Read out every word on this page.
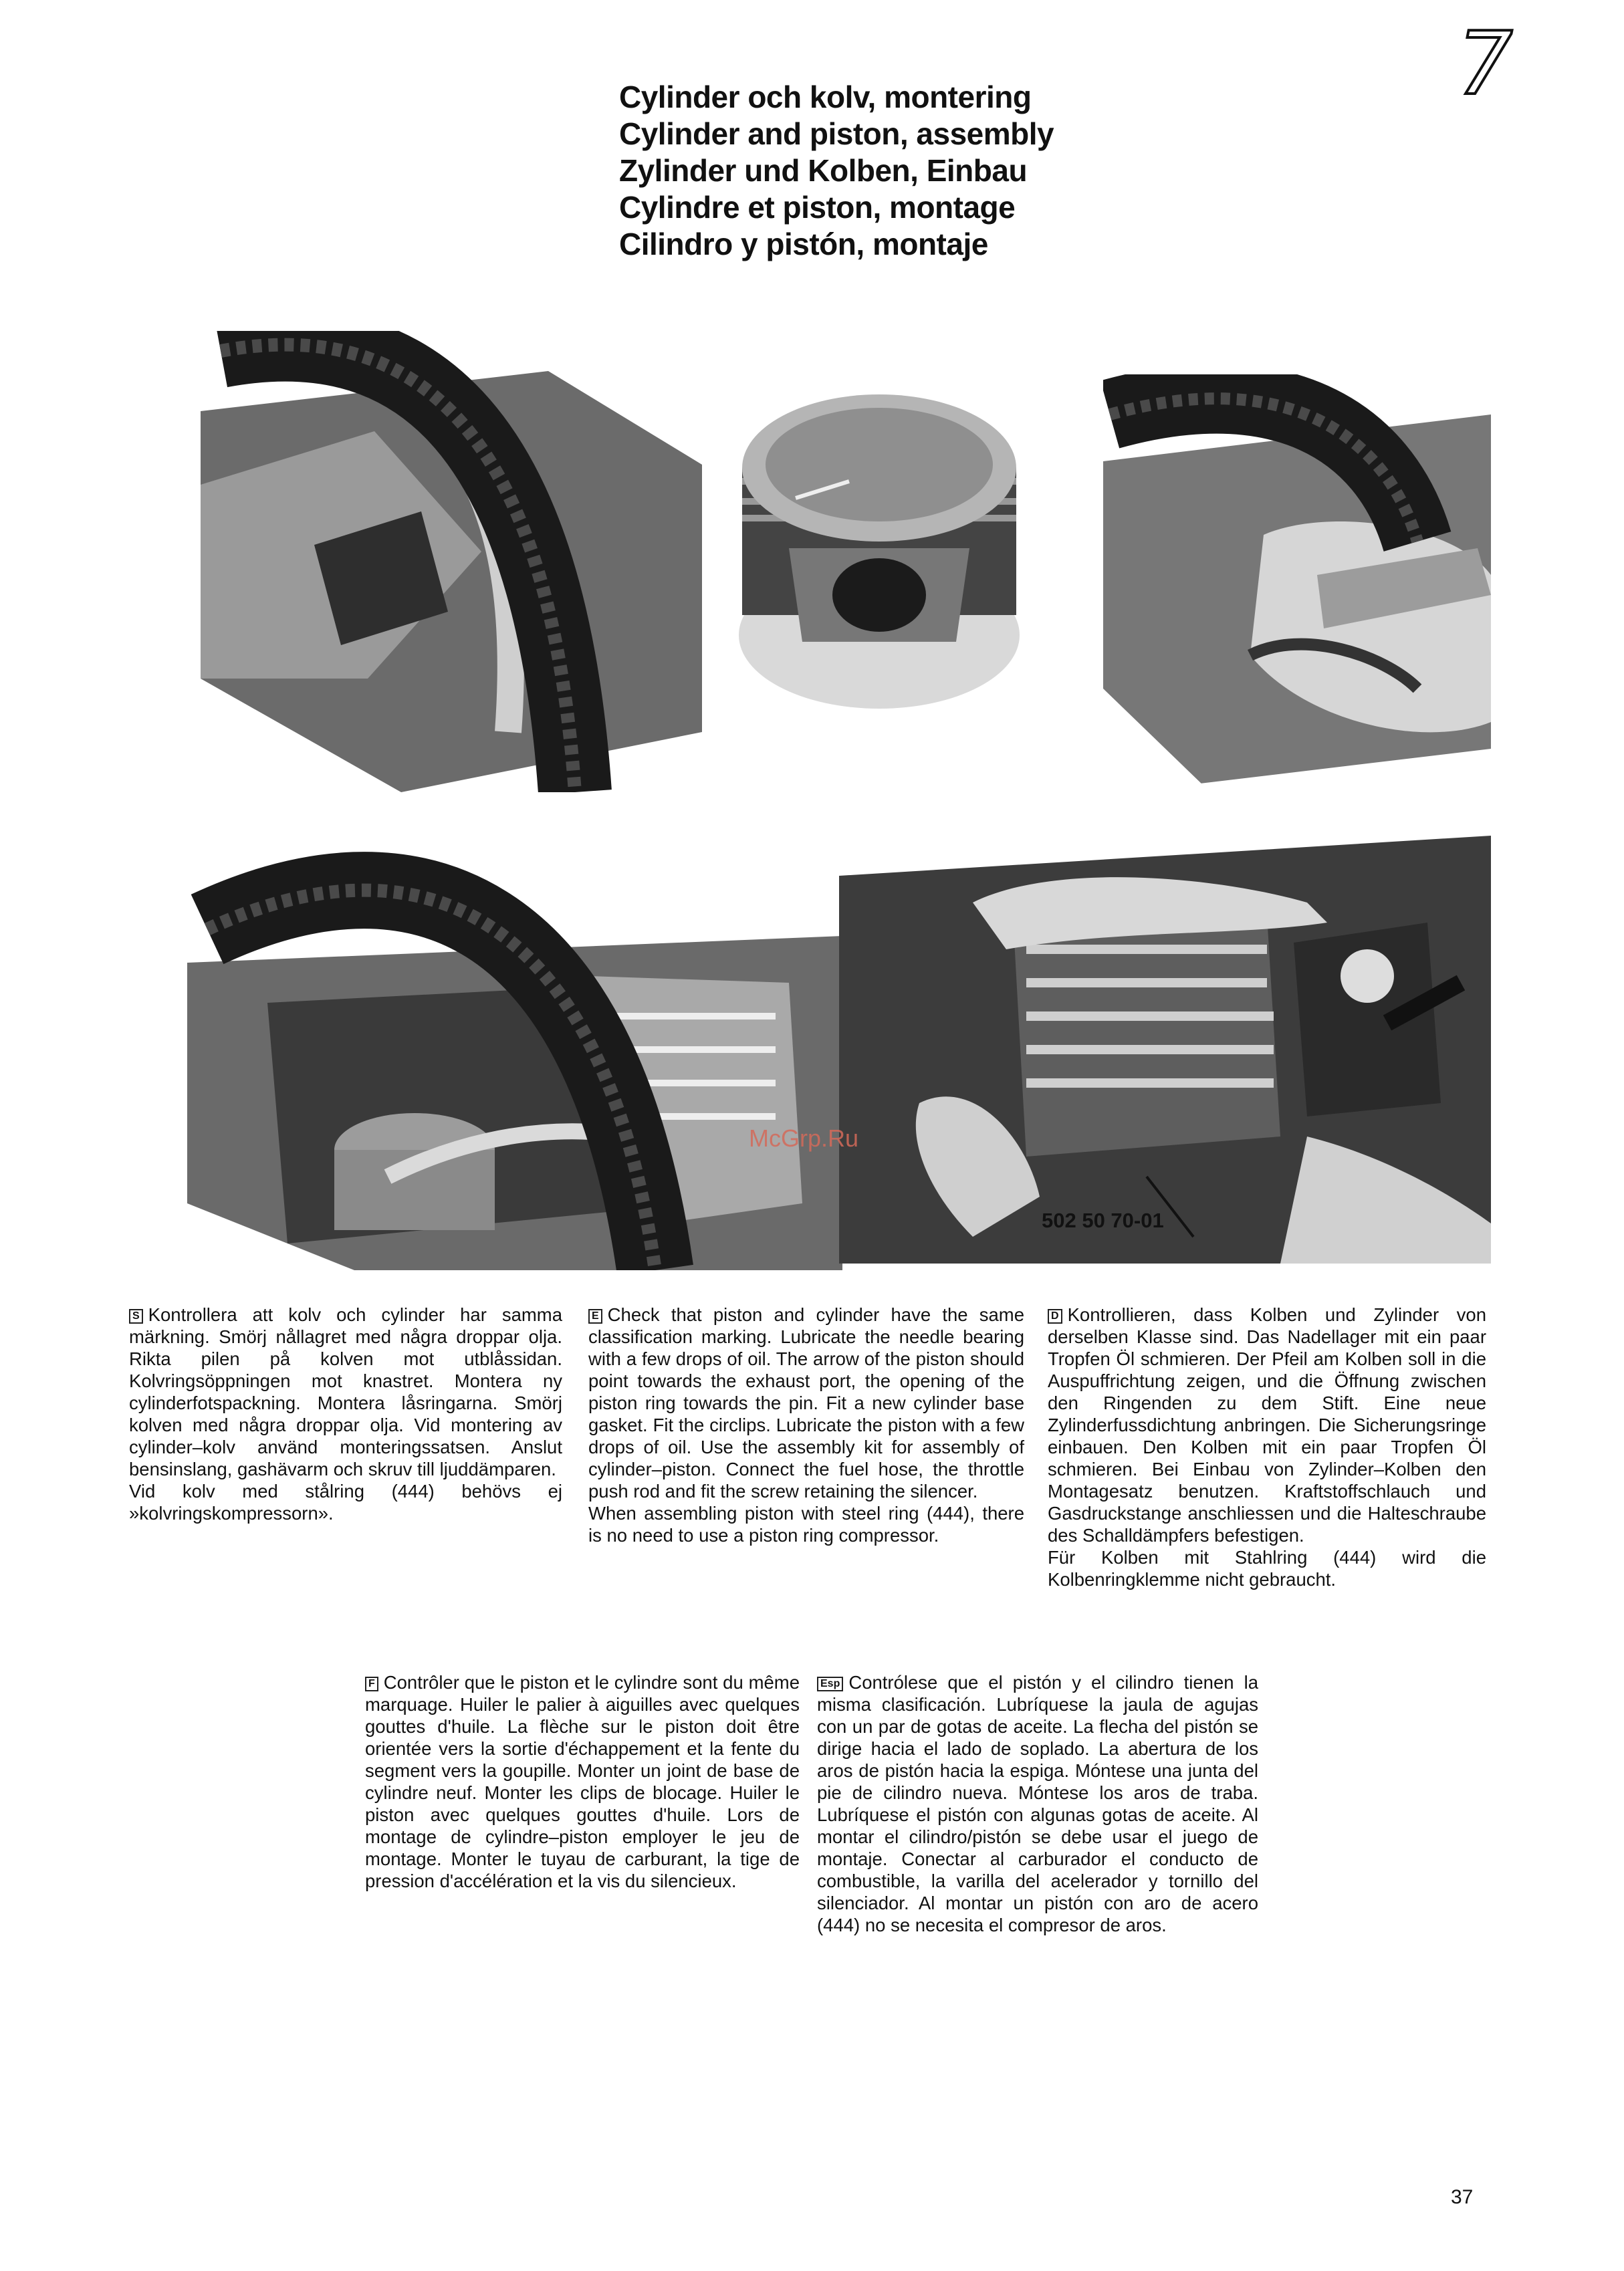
7
Cylinder och kolv, montering
Cylinder and piston, assembly
Zylinder und Kolben, Einbau
Cylindre et piston, montage
Cilindro y pistón, montaje
McGrp.Ru
502 50 70-01

S Kontrollera att kolv och cylinder har samma märkning. Smörj nållagret med några droppar olja. Rikta pilen på kolven mot utblåssidan. Kolvringsöppningen mot knastret. Montera ny cylinderfotspackning. Montera låsringarna. Smörj kolven med några droppar olja. Vid montering av cylinder–kolv använd monteringssatsen. Anslut bensinslang, gashävarm och skruv till ljuddämparen.

Vid kolv med stålring (444) behövs ej »kolvringskompressorn».

E Check that piston and cylinder have the same classification marking. Lubricate the needle bearing with a few drops of oil. The arrow of the piston should point towards the exhaust port, the opening of the piston ring towards the pin. Fit a new cylinder base gasket. Fit the circlips. Lubricate the piston with a few drops of oil. Use the assembly kit for assembly of cylinder–piston. Connect the fuel hose, the throttle push rod and fit the screw retaining the silencer.

When assembling piston with steel ring (444), there is no need to use a piston ring compressor.

D Kontrollieren, dass Kolben und Zylinder von derselben Klasse sind. Das Nadellager mit ein paar Tropfen Öl schmieren. Der Pfeil am Kolben soll in die Auspuffrichtung zeigen, und die Öffnung zwischen den Ringenden zu dem Stift. Eine neue Zylinderfussdichtung anbringen. Die Sicherungsringe einbauen. Den Kolben mit ein paar Tropfen Öl schmieren. Bei Einbau von Zylinder–Kolben den Montagesatz benutzen. Kraftstoffschlauch und Gasdruckstange anschliessen und die Halteschraube des Schalldämpfers befestigen.

Für Kolben mit Stahlring (444) wird die Kolbenringklemme nicht gebraucht.

F Contrôler que le piston et le cylindre sont du même marquage. Huiler le palier à aiguilles avec quelques gouttes d'huile. La flèche sur le piston doit être orientée vers la sortie d'échappement et la fente du segment vers la goupille. Monter un joint de base de cylindre neuf. Monter les clips de blocage. Huiler le piston avec quelques gouttes d'huile. Lors de montage de cylindre–piston employer le jeu de montage. Monter le tuyau de carburant, la tige de pression d'accélération et la vis du silencieux.

Esp Contrólese que el pistón y el cilindro tienen la misma clasificación. Lubríquese la jaula de agujas con un par de gotas de aceite. La flecha del pistón se dirige hacia el lado de soplado. La abertura de los aros de pistón hacia la espiga. Móntese una junta del pie de cilindro nueva. Móntese los aros de traba. Lubríquese el pistón con algunas gotas de aceite. Al montar el cilindro/pistón se debe usar el juego de montaje. Conectar al carburador el conducto de combustible, la varilla del acelerador y tornillo del silenciador. Al montar un pistón con aro de acero (444) no se necesita el compresor de aros.

37
